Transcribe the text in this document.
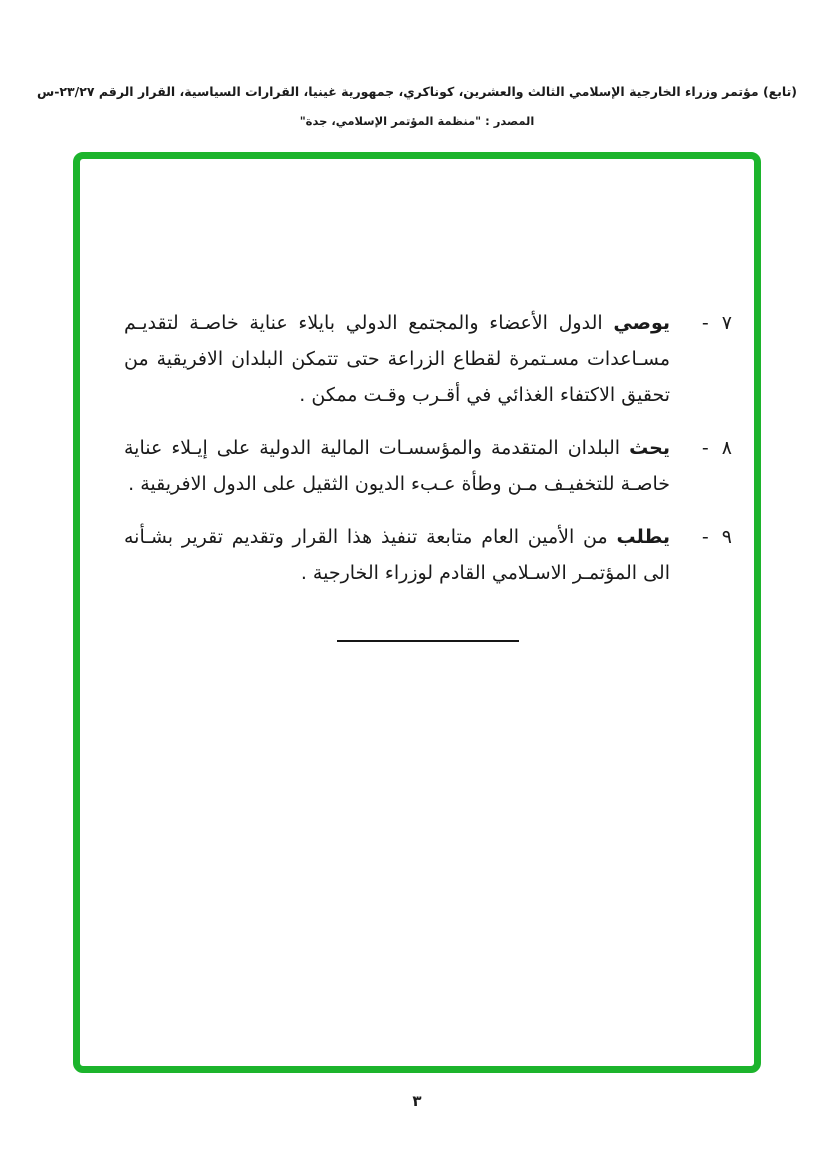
(تابع) مؤتمر وزراء الخارجية الإسلامي الثالث والعشرين، كوناكري، جمهورية غينيا، القرارات السياسية، القرار الرقم ٢٣/٢٧-س
المصدر : "منظمة المؤتمر الإسلامي، جدة"
٧ -

يوصي الدول الأعضاء والمجتمع الدولي بايلاء عناية خاصـة لتقديـم مسـاعدات مسـتمرة لقطاع الزراعة حتى تتمكن البلدان الافريقية من تحقيق الاكتفاء الغذائي في أقـرب وقـت ممكن .

٨ -

يحث البلدان المتقدمة والمؤسسـات المالية الدولية على إيـلاء عناية خاصـة للتخفيـف مـن وطأة عـبء الديون الثقيل على الدول الافريقية .

٩ -

يطلب من الأمين العام متابعة تنفيذ هذا القرار وتقديم تقرير بشـأنه الى المؤتمـر الاسـلامي القادم لوزراء الخارجية .

٣
